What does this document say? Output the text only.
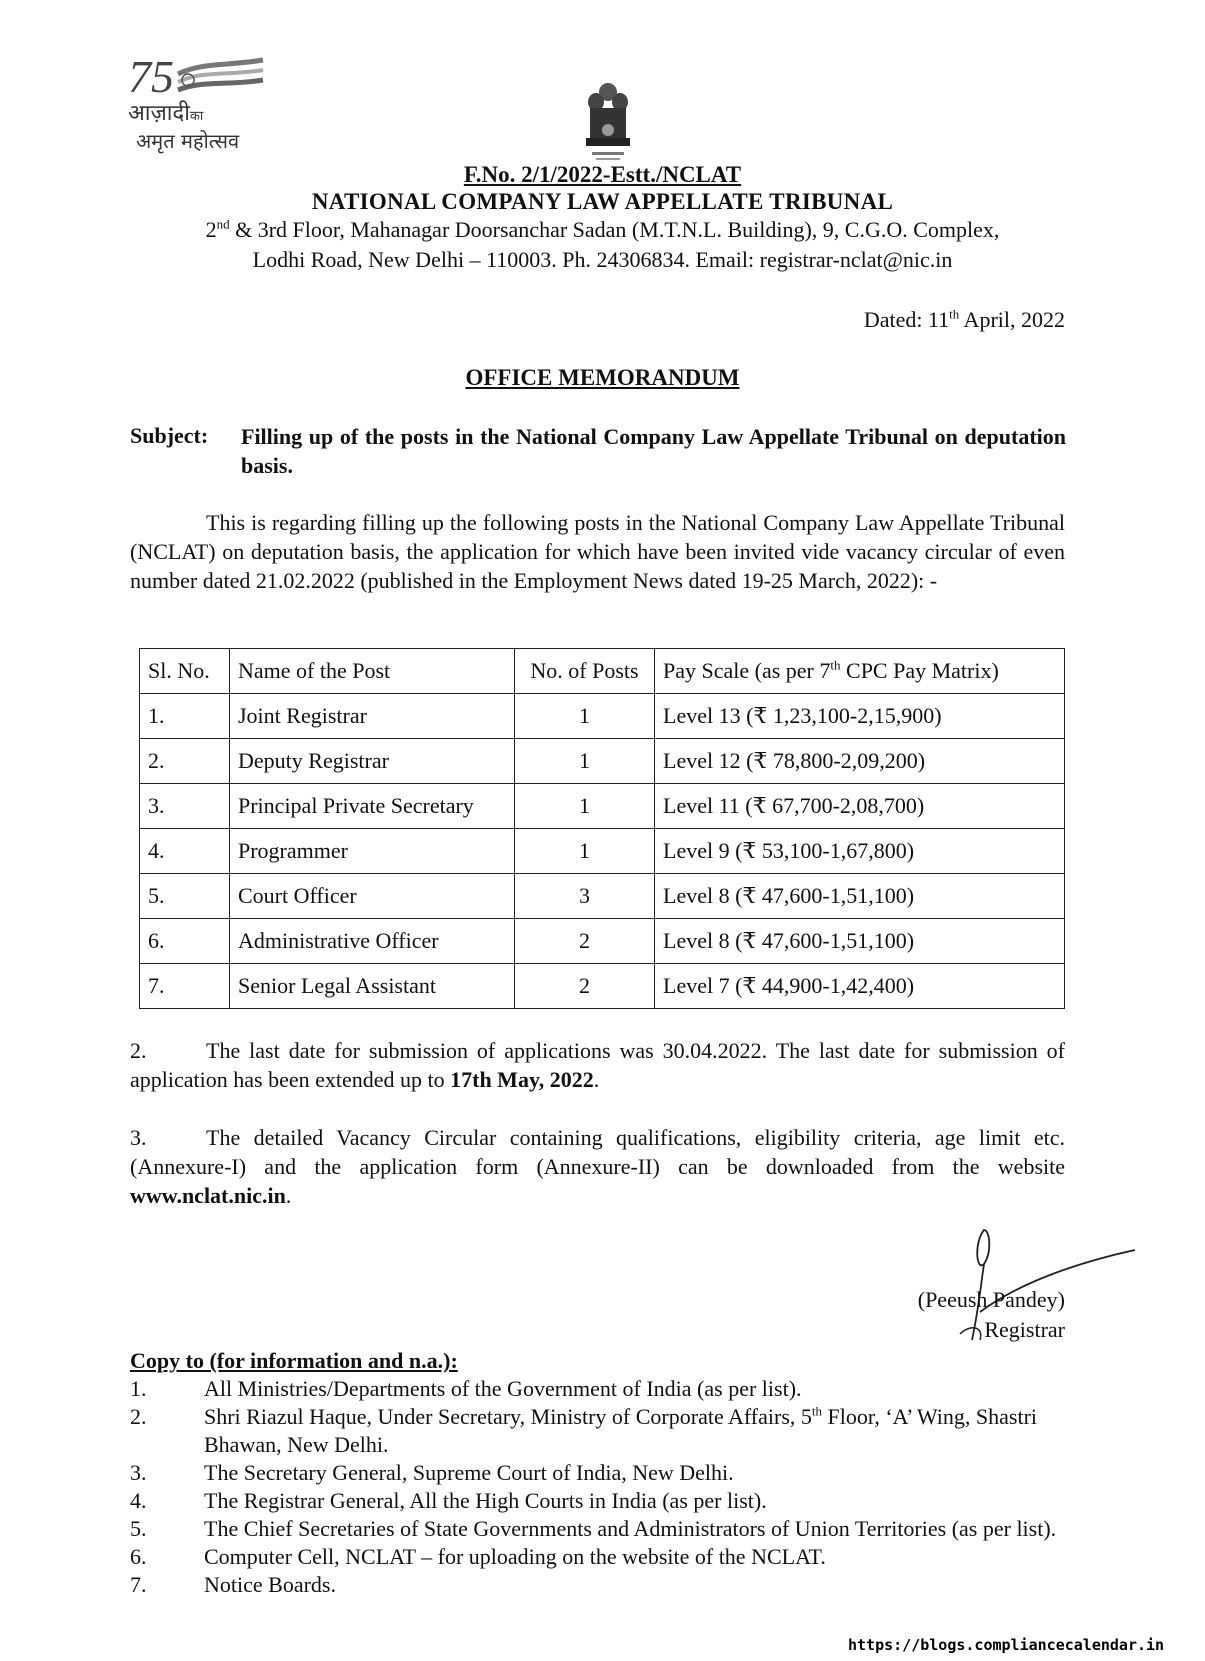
75
आज़ादीका
अमृत महोत्सव
F.No. 2/1/2022-Estt./NCLAT
NATIONAL COMPANY LAW APPELLATE TRIBUNAL
2nd & 3rd Floor, Mahanagar Doorsanchar Sadan (M.T.N.L. Building), 9, C.G.O. Complex,
Lodhi Road, New Delhi – 110003. Ph. 24306834. Email: registrar-nclat@nic.in
Dated: 11th April, 2022
OFFICE MEMORANDUM
Subject: Filling up of the posts in the National Company Law Appellate Tribunal on deputation basis.

This is regarding filling up the following posts in the National Company Law Appellate Tribunal (NCLAT) on deputation basis, the application for which have been invited vide vacancy circular of even number dated 21.02.2022 (published in the Employment News dated 19-25 March, 2022): -

Sl. No.	Name of the Post	No. of Posts	Pay Scale (as per 7th CPC Pay Matrix)
1.	Joint Registrar	1	Level 13 (₹ 1,23,100-2,15,900)
2.	Deputy Registrar	1	Level 12 (₹ 78,800-2,09,200)
3.	Principal Private Secretary	1	Level 11 (₹ 67,700-2,08,700)
4.	Programmer	1	Level 9 (₹ 53,100-1,67,800)
5.	Court Officer	3	Level 8 (₹ 47,600-1,51,100)
6.	Administrative Officer	2	Level 8 (₹ 47,600-1,51,100)
7.	Senior Legal Assistant	2	Level 7 (₹ 44,900-1,42,400)

2.	The last date for submission of applications was 30.04.2022. The last date for submission of application has been extended up to 17th May, 2022.

3.	The detailed Vacancy Circular containing qualifications, eligibility criteria, age limit etc. (Annexure-I) and the application form (Annexure-II) can be downloaded from the website www.nclat.nic.in.

(Peeush Pandey)
Registrar
Copy to (for information and n.a.):
1.	All Ministries/Departments of the Government of India (as per list).
2.	Shri Riazul Haque, Under Secretary, Ministry of Corporate Affairs, 5th Floor, ‘A’ Wing, Shastri Bhawan, New Delhi.
3.	The Secretary General, Supreme Court of India, New Delhi.
4.	The Registrar General, All the High Courts in India (as per list).
5.	The Chief Secretaries of State Governments and Administrators of Union Territories (as per list).
6.	Computer Cell, NCLAT – for uploading on the website of the NCLAT.
7.	Notice Boards.
https://blogs.compliancecalendar.in
